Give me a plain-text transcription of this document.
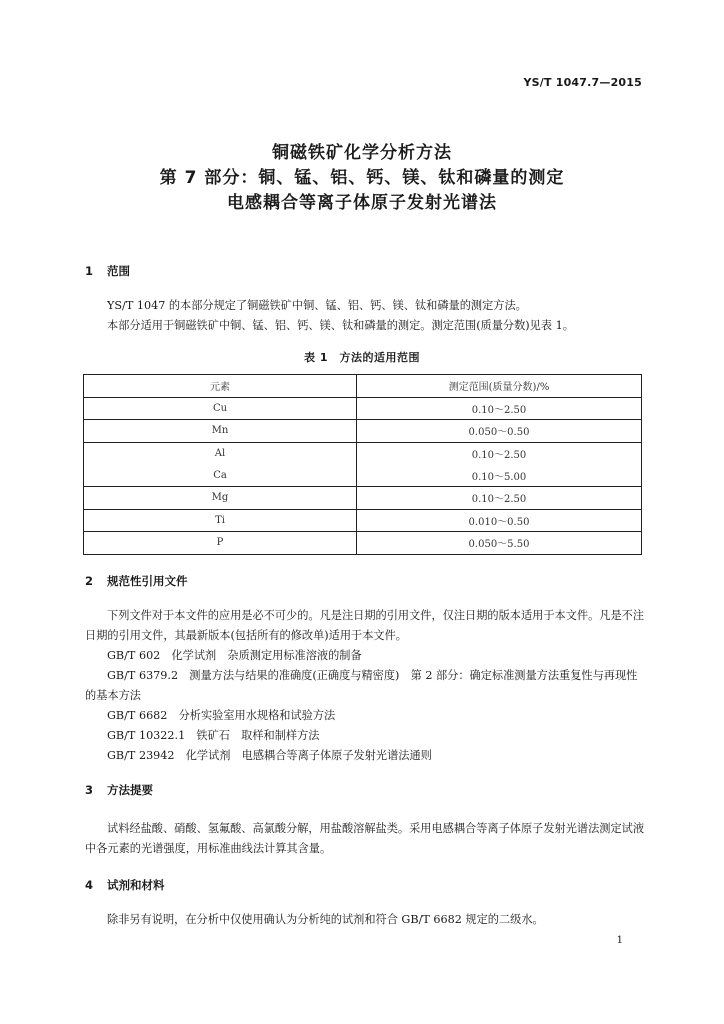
YS/T 1047.7—2015
铜磁铁矿化学分析方法
第 7 部分：铜、锰、铝、钙、镁、钛和磷量的测定
电感耦合等离子体原子发射光谱法
1 范围
YS/T 1047 的本部分规定了铜磁铁矿中铜、锰、铝、钙、镁、钛和磷量的测定方法。
本部分适用于铜磁铁矿中铜、锰、铝、钙、镁、钛和磷量的测定。测定范围(质量分数)见表 1。
表 1　方法的适用范围
元素	测定范围(质量分数)/%
Cu	0.10～2.50
Mn	0.050～0.50
Al	0.10～2.50
Ca	0.10～5.00
Mg	0.10～2.50
Ti	0.010～0.50
P	0.050～5.50
2 规范性引用文件
下列文件对于本文件的应用是必不可少的。凡是注日期的引用文件，仅注日期的版本适用于本文件。凡是不注日期的引用文件，其最新版本(包括所有的修改单)适用于本文件。
GB/T 602　化学试剂　杂质测定用标准溶液的制备
GB/T 6379.2　测量方法与结果的准确度(正确度与精密度)　第 2 部分：确定标准测量方法重复性与再现性的基本方法
GB/T 6682　分析实验室用水规格和试验方法
GB/T 10322.1　铁矿石　取样和制样方法
GB/T 23942　化学试剂　电感耦合等离子体原子发射光谱法通则
3 方法提要
试料经盐酸、硝酸、氢氟酸、高氯酸分解，用盐酸溶解盐类。采用电感耦合等离子体原子发射光谱法测定试液中各元素的光谱强度，用标准曲线法计算其含量。
4 试剂和材料
除非另有说明，在分析中仅使用确认为分析纯的试剂和符合 GB/T 6682 规定的二级水。
1
